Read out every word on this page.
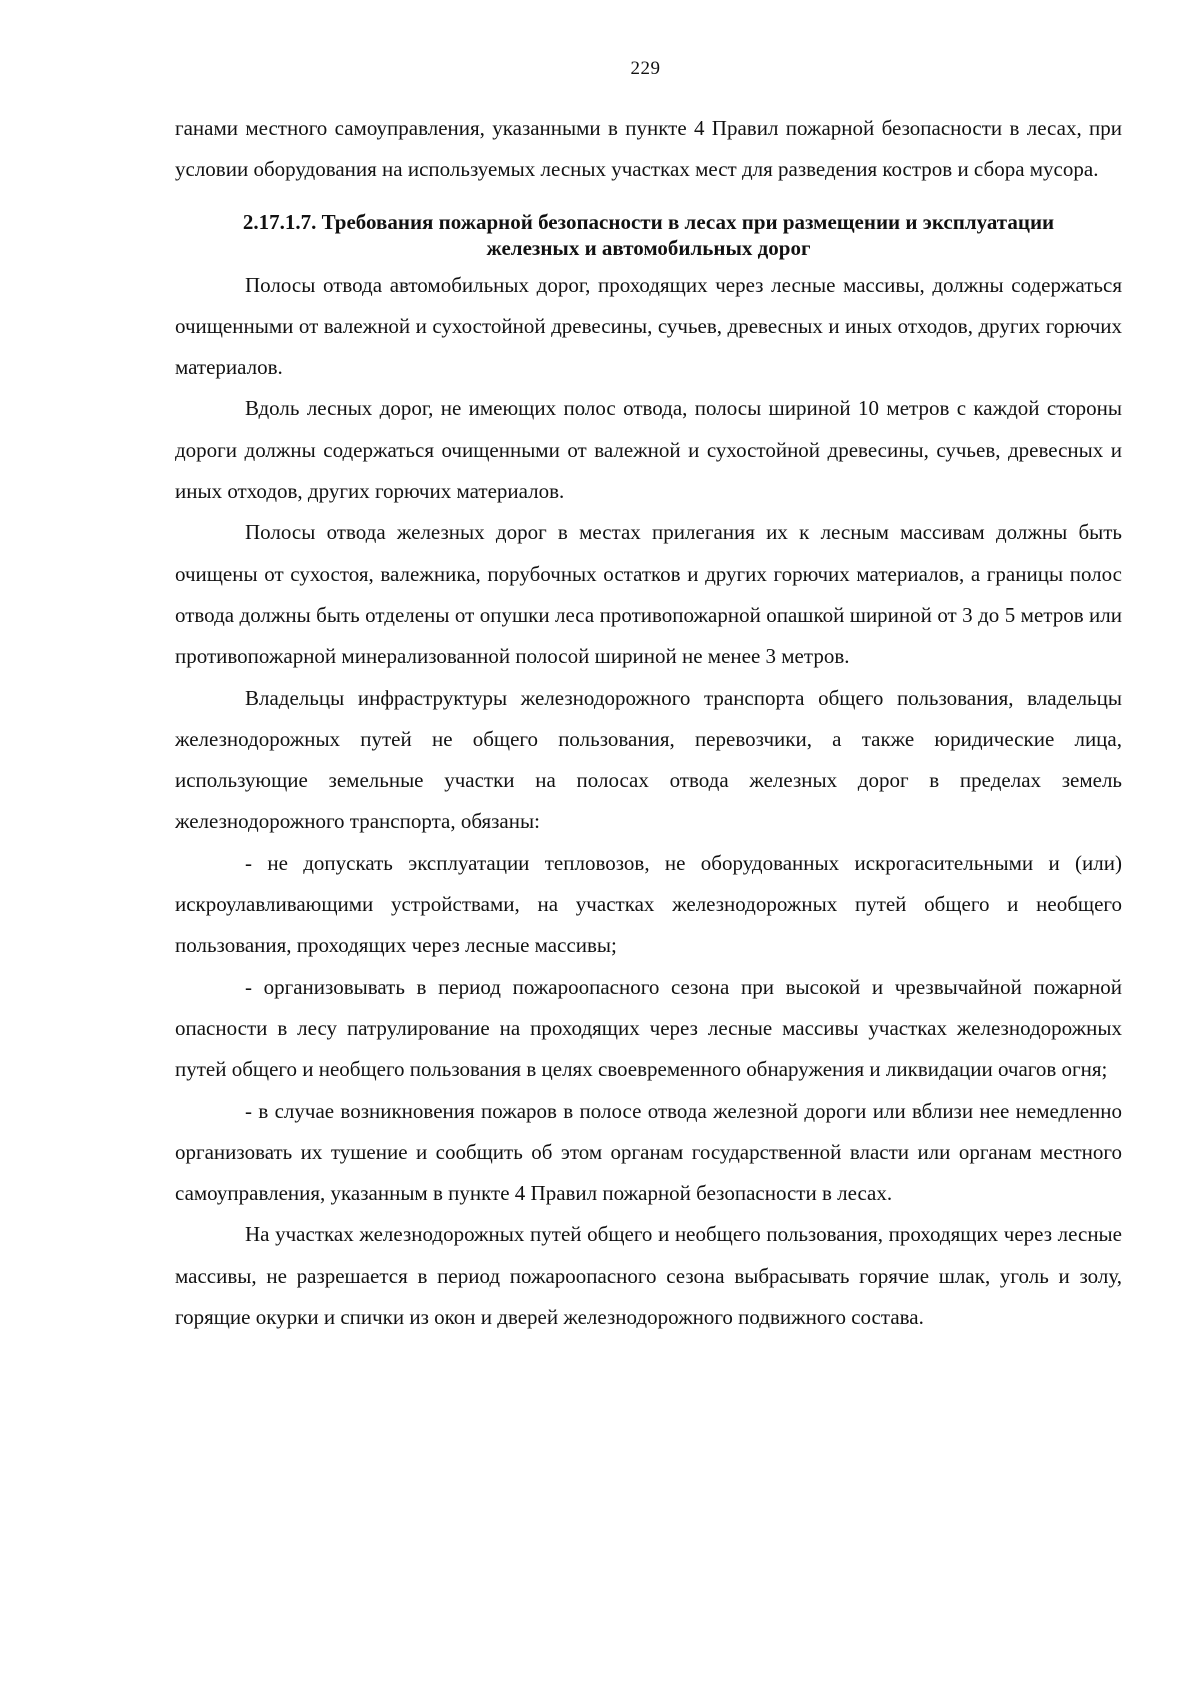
229

ганами местного самоуправления, указанными в пункте 4 Правил пожарной безопасности в лесах, при условии оборудования на используемых лесных участках мест для разведения костров и сбора мусора.

2.17.1.7. Требования пожарной безопасности в лесах при размещении и эксплуатации
железных и автомобильных дорог

Полосы отвода автомобильных дорог, проходящих через лесные массивы, должны содержаться очищенными от валежной и сухостойной древесины, сучьев, древесных и иных отходов, других горючих материалов.

Вдоль лесных дорог, не имеющих полос отвода, полосы шириной 10 метров с каждой стороны дороги должны содержаться очищенными от валежной и сухостойной древесины, сучьев, древесных и иных отходов, других горючих материалов.

Полосы отвода железных дорог в местах прилегания их к лесным массивам должны быть очищены от сухостоя, валежника, порубочных остатков и других горючих материалов, а границы полос отвода должны быть отделены от опушки леса противопожарной опашкой шириной от 3 до 5 метров или противопожарной минерализованной полосой шириной не менее 3 метров.

Владельцы инфраструктуры железнодорожного транспорта общего пользования, владельцы железнодорожных путей не общего пользования, перевозчики, а также юридические лица, использующие земельные участки на полосах отвода железных дорог в пределах земель железнодорожного транспорта, обязаны:

- не допускать эксплуатации тепловозов, не оборудованных искрогасительными и (или) искроулавливающими устройствами, на участках железнодорожных путей общего и необщего пользования, проходящих через лесные массивы;

- организовывать в период пожароопасного сезона при высокой и чрезвычайной пожарной опасности в лесу патрулирование на проходящих через лесные массивы участках железнодорожных путей общего и необщего пользования в целях своевременного обнаружения и ликвидации очагов огня;

- в случае возникновения пожаров в полосе отвода железной дороги или вблизи нее немедленно организовать их тушение и сообщить об этом органам государственной власти или органам местного самоуправления, указанным в пункте 4 Правил пожарной безопасности в лесах.

На участках железнодорожных путей общего и необщего пользования, проходящих через лесные массивы, не разрешается в период пожароопасного сезона выбрасывать горячие шлак, уголь и золу, горящие окурки и спички из окон и дверей железнодорожного подвижного состава.
